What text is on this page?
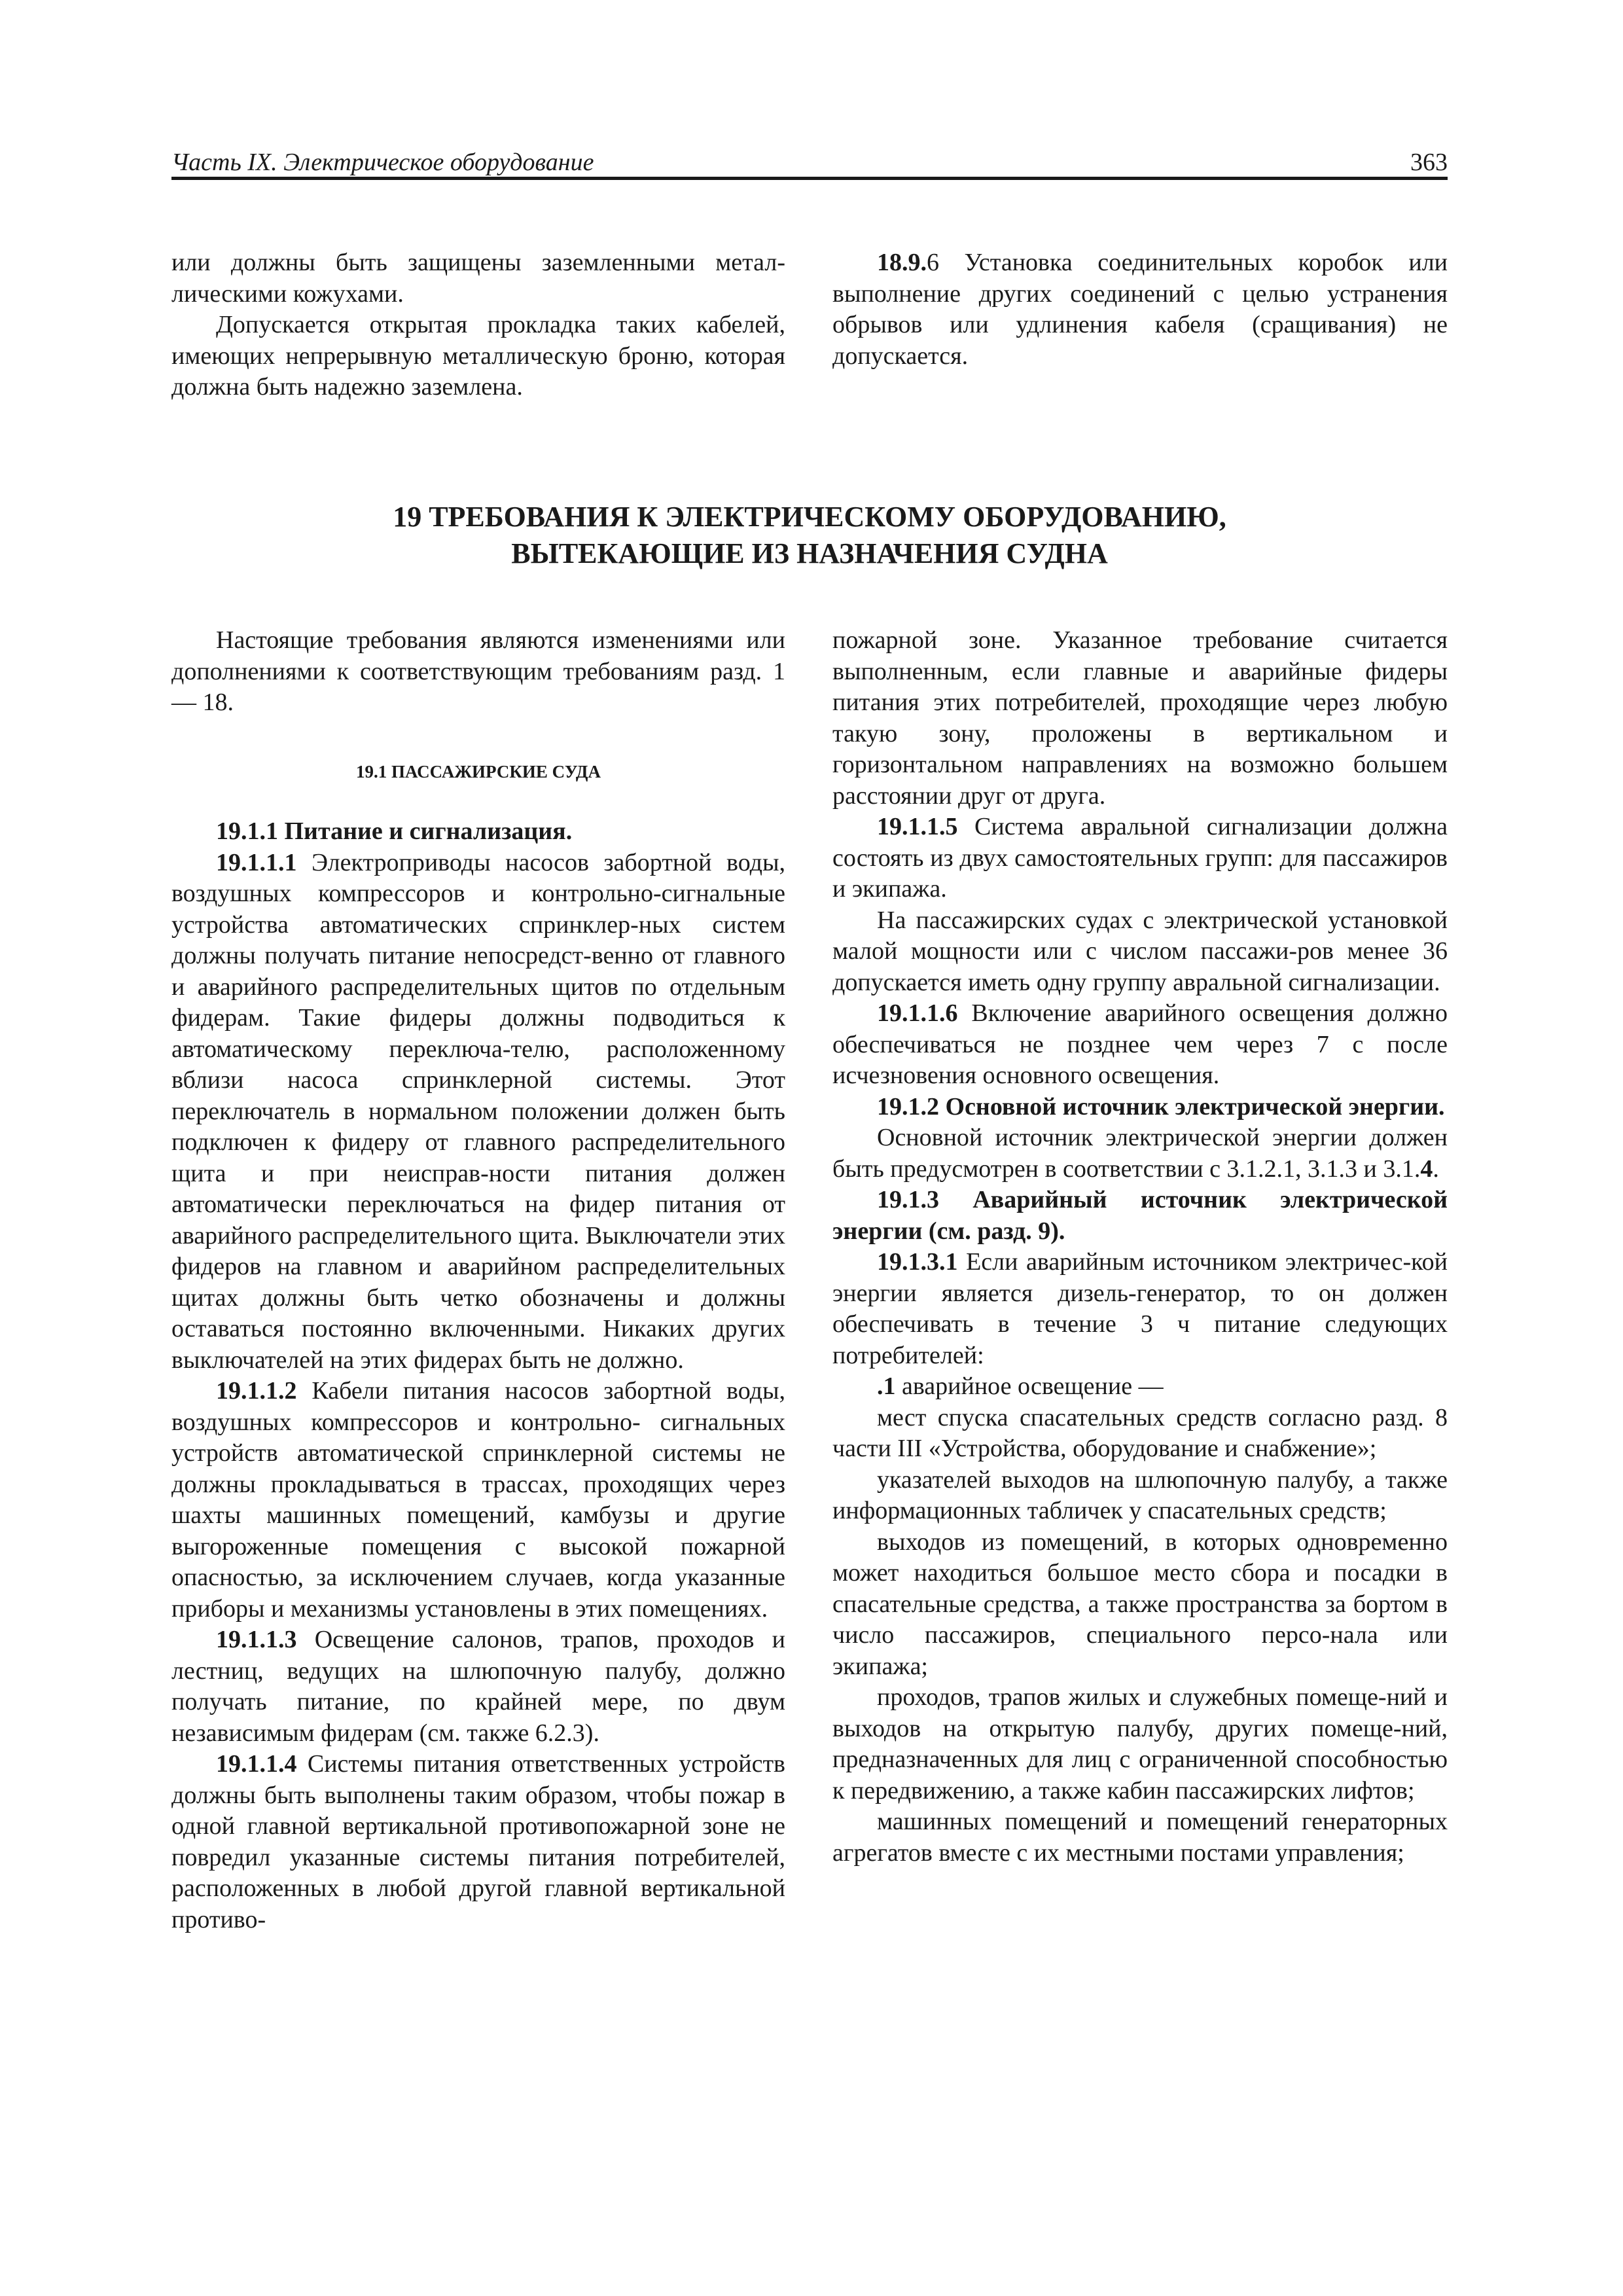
Часть IX. Электрическое оборудование	363

или должны быть защищены заземленными метал-лическими кожухами.

Допускается открытая прокладка таких кабелей, имеющих непрерывную металлическую броню, которая должна быть надежно заземлена.

18.9.6 Установка соединительных коробок или выполнение других соединений с целью устранения обрывов или удлинения кабеля (сращивания) не допускается.

19 ТРЕБОВАНИЯ К ЭЛЕКТРИЧЕСКОМУ ОБОРУДОВАНИЮ,

ВЫТЕКАЮЩИЕ ИЗ НАЗНАЧЕНИЯ СУДНА

Настоящие требования являются изменениями или дополнениями к соответствующим требованиям разд. 1 — 18.

19.1 ПАССАЖИРСКИЕ СУДА

19.1.1 Питание и сигнализация.

19.1.1.1 Электроприводы насосов забортной воды, воздушных компрессоров и контрольно-сигнальные устройства автоматических спринклер-ных систем должны получать питание непосредст-венно от главного и аварийного распределительных щитов по отдельным фидерам. Такие фидеры должны подводиться к автоматическому переключа-телю, расположенному вблизи насоса спринклерной системы. Этот переключатель в нормальном положении должен быть подключен к фидеру от главного распределительного щита и при неисправ-ности питания должен автоматически переключаться на фидер питания от аварийного распределительного щита. Выключатели этих фидеров на главном и аварийном распределительных щитах должны быть четко обозначены и должны оставаться постоянно включенными. Никаких других выключателей на этих фидерах быть не должно.

19.1.1.2 Кабели питания насосов забортной воды, воздушных компрессоров и контрольно- сигнальных устройств автоматической спринклерной системы не должны прокладываться в трассах, проходящих через шахты машинных помещений, камбузы и другие выгороженные помещения с высокой пожарной опасностью, за исключением случаев, когда указанные приборы и механизмы установлены в этих помещениях.

19.1.1.3 Освещение салонов, трапов, проходов и лестниц, ведущих на шлюпочную палубу, должно получать питание, по крайней мере, по двум независимым фидерам (см. также 6.2.3).

19.1.1.4 Системы питания ответственных устройств должны быть выполнены таким образом, чтобы пожар в одной главной вертикальной противопожарной зоне не повредил указанные системы питания потребителей, расположенных в любой другой главной вертикальной противо-

пожарной зоне. Указанное требование считается выполненным, если главные и аварийные фидеры питания этих потребителей, проходящие через любую такую зону, проложены в вертикальном и горизонтальном направлениях на возможно большем расстоянии друг от друга.

19.1.1.5 Система авральной сигнализации должна состоять из двух самостоятельных групп: для пассажиров и экипажа.

На пассажирских судах с электрической установкой малой мощности или с числом пассажи-ров менее 36 допускается иметь одну группу авральной сигнализации.

19.1.1.6 Включение аварийного освещения должно обеспечиваться не позднее чем через 7 с после исчезновения основного освещения.

19.1.2 Основной источник электрической энергии.

Основной источник электрической энергии должен быть предусмотрен в соответствии с 3.1.2.1, 3.1.3 и 3.1.4.

19.1.3 Аварийный источник электрической энергии (см. разд. 9).

19.1.3.1 Если аварийным источником электричес-кой энергии является дизель-генератор, то он должен обеспечивать в течение 3 ч питание следующих потребителей:

.1 аварийное освещение —

мест спуска спасательных средств согласно разд. 8 части III «Устройства, оборудование и снабжение»;

указателей выходов на шлюпочную палубу, а также информационных табличек у спасательных средств;

выходов из помещений, в которых одновременно может находиться большое место сбора и посадки в спасательные средства, а также пространства за бортом в число пассажиров, специального персо-нала или экипажа;

проходов, трапов жилых и служебных помеще-ний и выходов на открытую палубу, других помеще-ний, предназначенных для лиц с ограниченной способностью к передвижению, а также кабин пассажирских лифтов;

машинных помещений и помещений генераторных агрегатов вместе с их местными постами управления;
